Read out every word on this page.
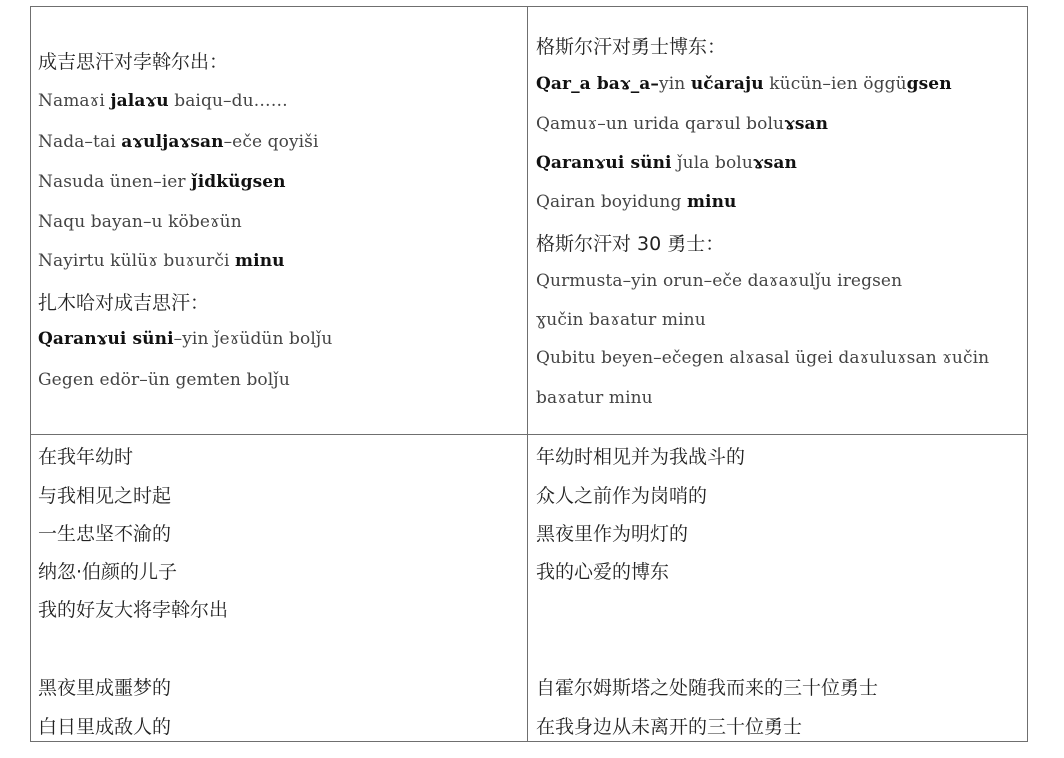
成吉思汗对孛斡尔出：
Namaɤi jalaɤu baiqu–du……
Nada–tai aɤuljaɤsan–eče qoyiši
Nasuda ünen–ier ǰidkügsen
Naqu bayan–u köbeɤün
Nayirtu külüɤ buɤurči minu
扎木哈对成吉思汗：
Qaranɤui süni–yin ǰeɤüdün bolǰu
Gegen edör–ün gemten bolǰu
格斯尔汗对勇士博东：
Qar_a baɤ_a–yin učaraju kücün–ien öggügsen
Qamuɤ–un urida qarɤul boluɤsan
Qaranɤui süni ǰula boluɤsan
Qairan boyidung minu
格斯尔汗对 30 勇士：
Qurmusta–yin orun–eče daɤaɤulǰu iregsen
ɣučin baɤatur minu
Qubitu beyen–ečegen alɤasal ügei daɤuluɤsan ɤučin
baɤatur minu
在我年幼时
与我相见之时起
一生忠坚不渝的
纳忽·伯颜的儿子
我的好友大将孛斡尔出
黑夜里成噩梦的
白日里成敌人的
年幼时相见并为我战斗的
众人之前作为岗哨的
黑夜里作为明灯的
我的心爱的博东
自霍尔姆斯塔之处随我而来的三十位勇士
在我身边从未离开的三十位勇士
